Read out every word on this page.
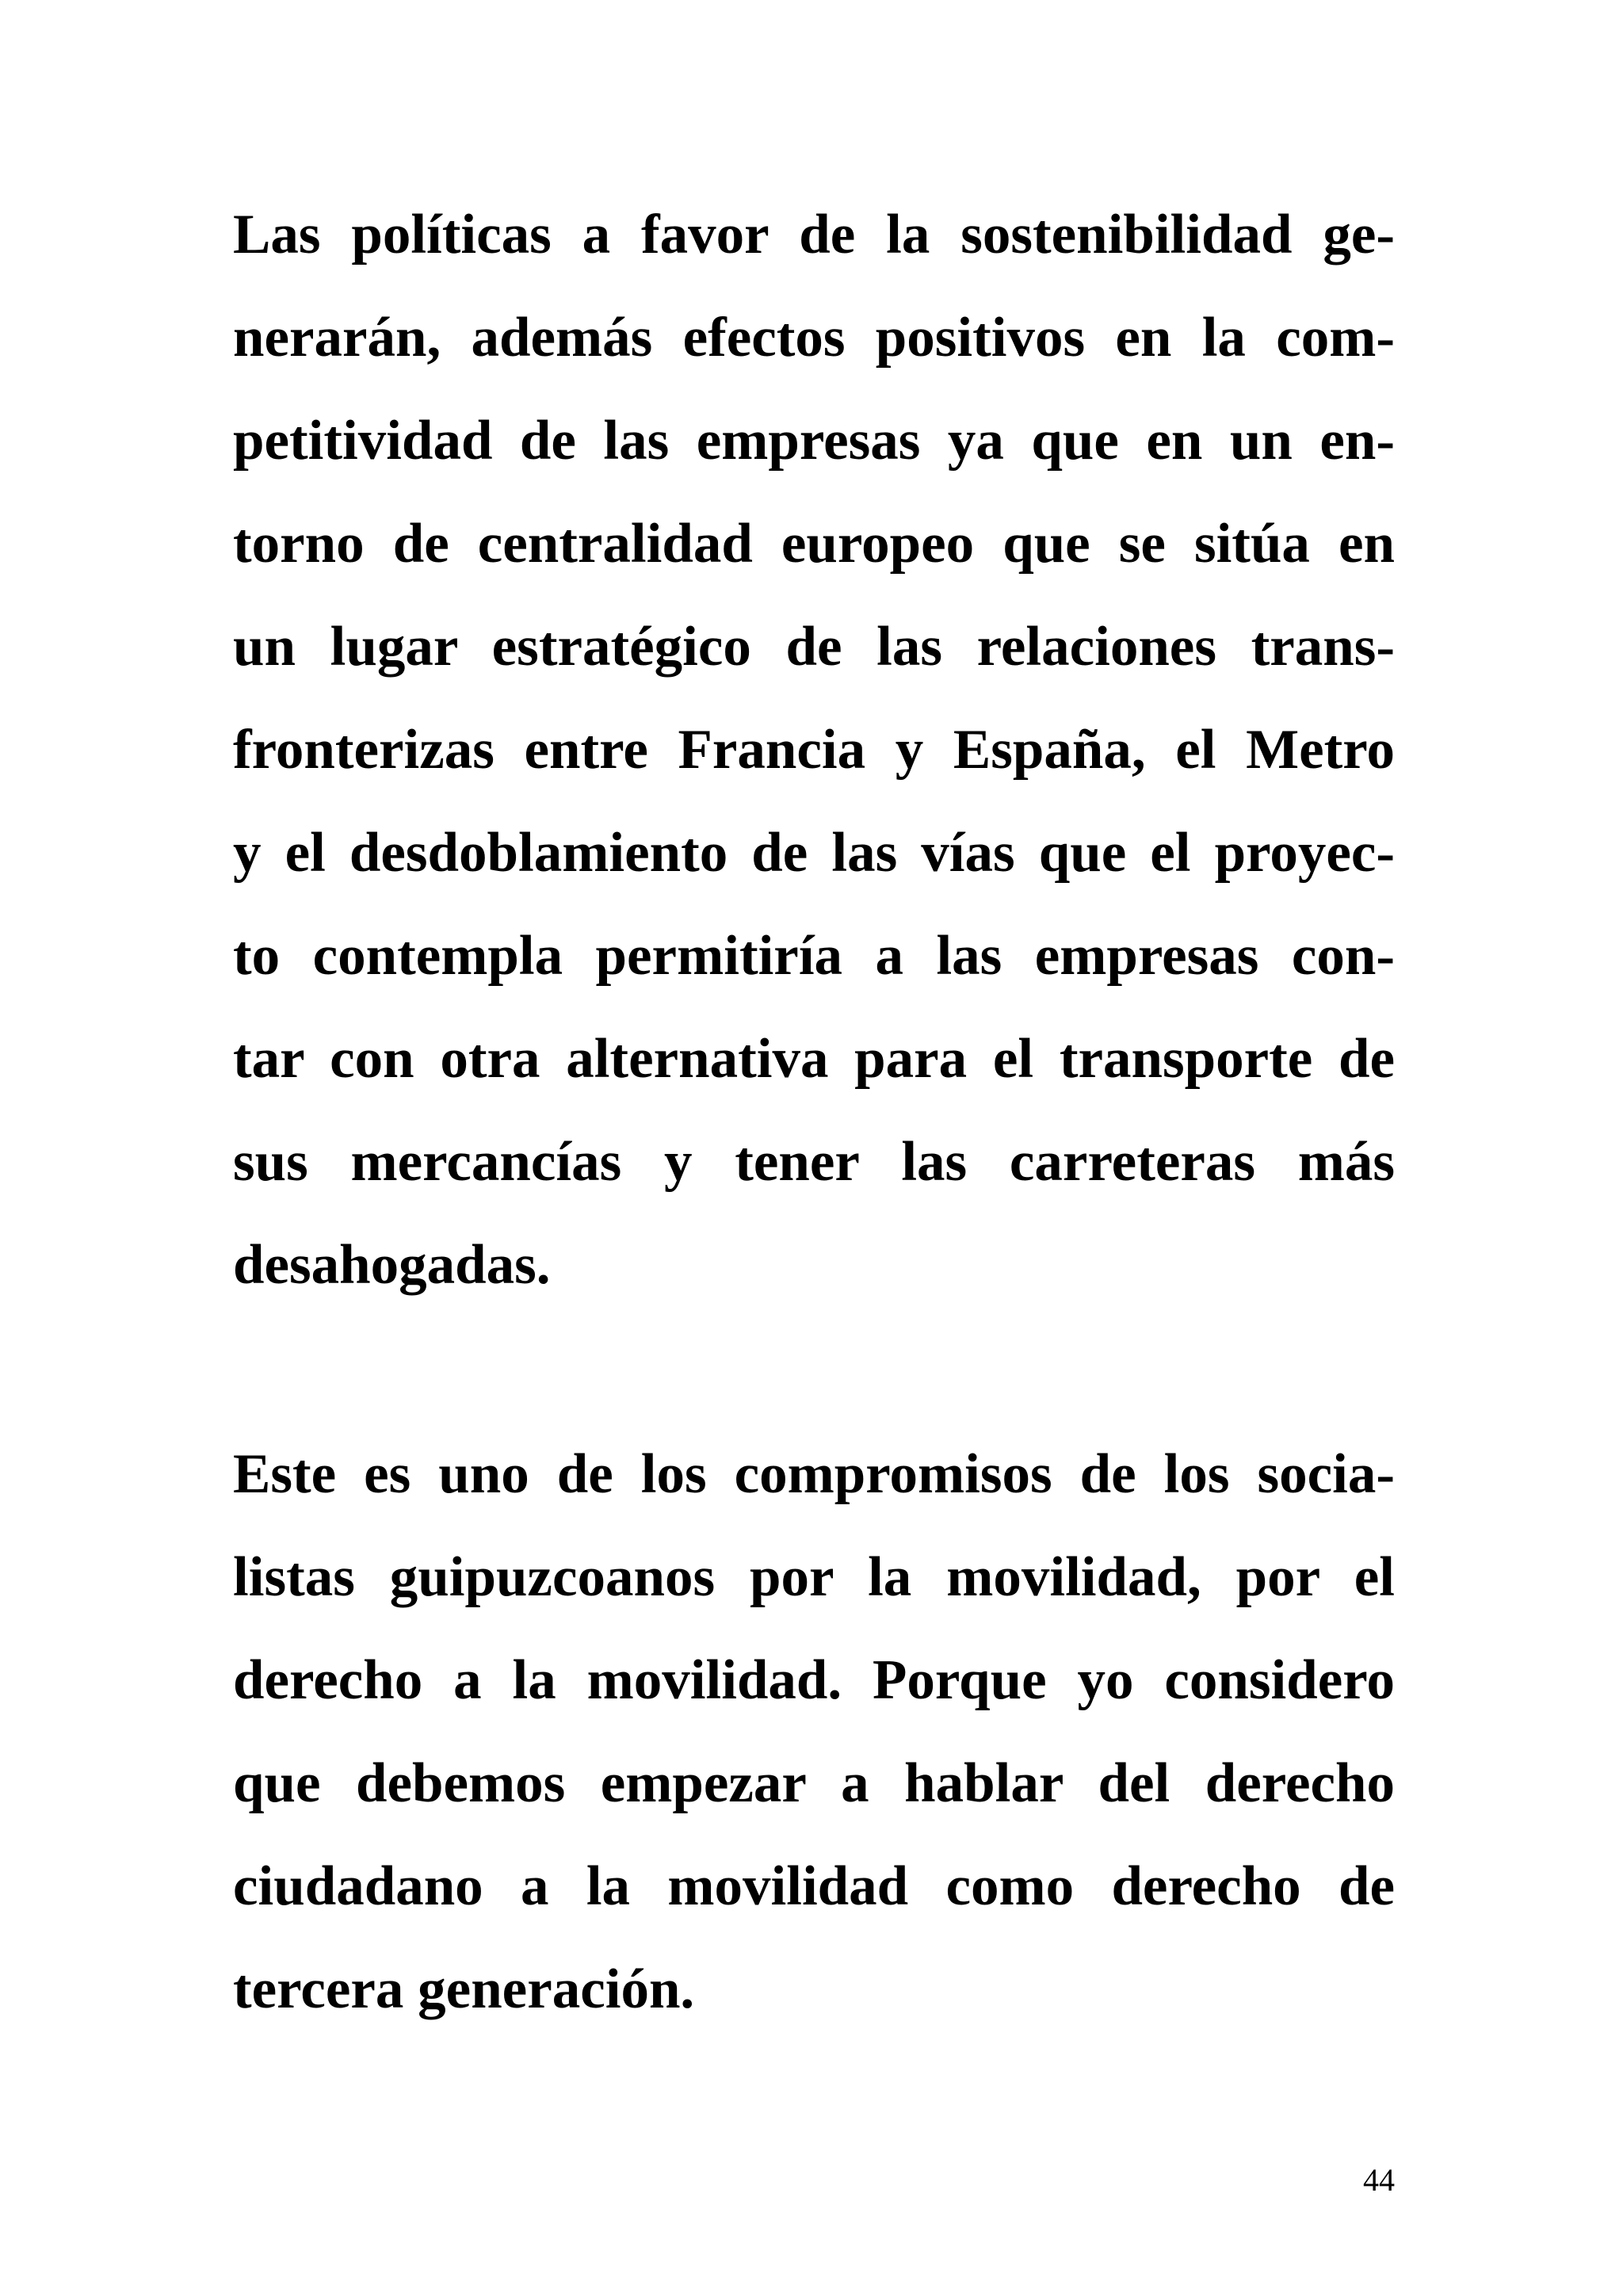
Las políticas a favor de la sostenibilidad ge-
nerarán, además efectos positivos en la com-
petitividad de las empresas ya que en un en-
torno de centralidad europeo que se sitúa en
un lugar estratégico de las relaciones trans-
fronterizas entre Francia y España, el Metro
y el desdoblamiento de las vías que el proyec-
to contempla permitiría a las empresas con-
tar con otra alternativa para el transporte de
sus mercancías y tener las carreteras más
desahogadas.
Este es uno de los compromisos de los socia-
listas guipuzcoanos por la movilidad, por el
derecho a la movilidad. Porque yo considero
que debemos empezar a hablar del derecho
ciudadano a la movilidad como derecho de
tercera generación.
44
